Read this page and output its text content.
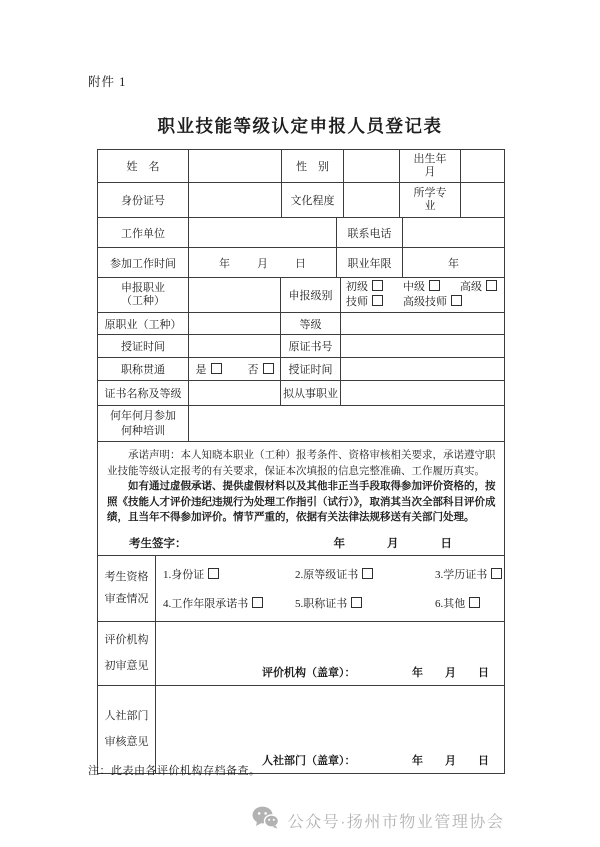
附件 1
职业技能等级认定申报人员登记表
姓　名		性　别		出生年月	
身份证号		文化程度		所学专业	
工作单位		联系电话	
参加工作时间	年 月 日	职业年限	年
申报职业（工种）		申报级别	初级 中级 高级
技师 高级技师

原职业（工种）		等级	
授证时间		原证书号	
职称贯通	是 否	授证时间	
证书名称及等级		拟从事职业	
何年何月参加何种培训	

承诺声明：本人知晓本职业（工种）报考条件、资格审核相关要求，承诺遵守职业技能等级认定报考的有关要求，保证本次填报的信息完整准确、工作履历真实。

如有通过虚假承诺、提供虚假材料以及其他非正当手段取得参加评价资格的，按照《技能人才评价违纪违规行为处理工作指引（试行）》，取消其当次全部科目评价成绩，且当年不得参加评价。情节严重的，依据有关法律法规移送有关部门处理。

考生签字：	年	月	日
考生资格审查情况	
1.身份证	2.原等级证书	3.学历证书
4.工作年限承诺书	5.职称证书	6.其他
评价机构初审意见	
评价机构（盖章）：	年 月 日
人社部门审核意见	
人社部门（盖章）：	年 月 日
注：此表由各评价机构存档备查。
公众号·扬州市物业管理协会
